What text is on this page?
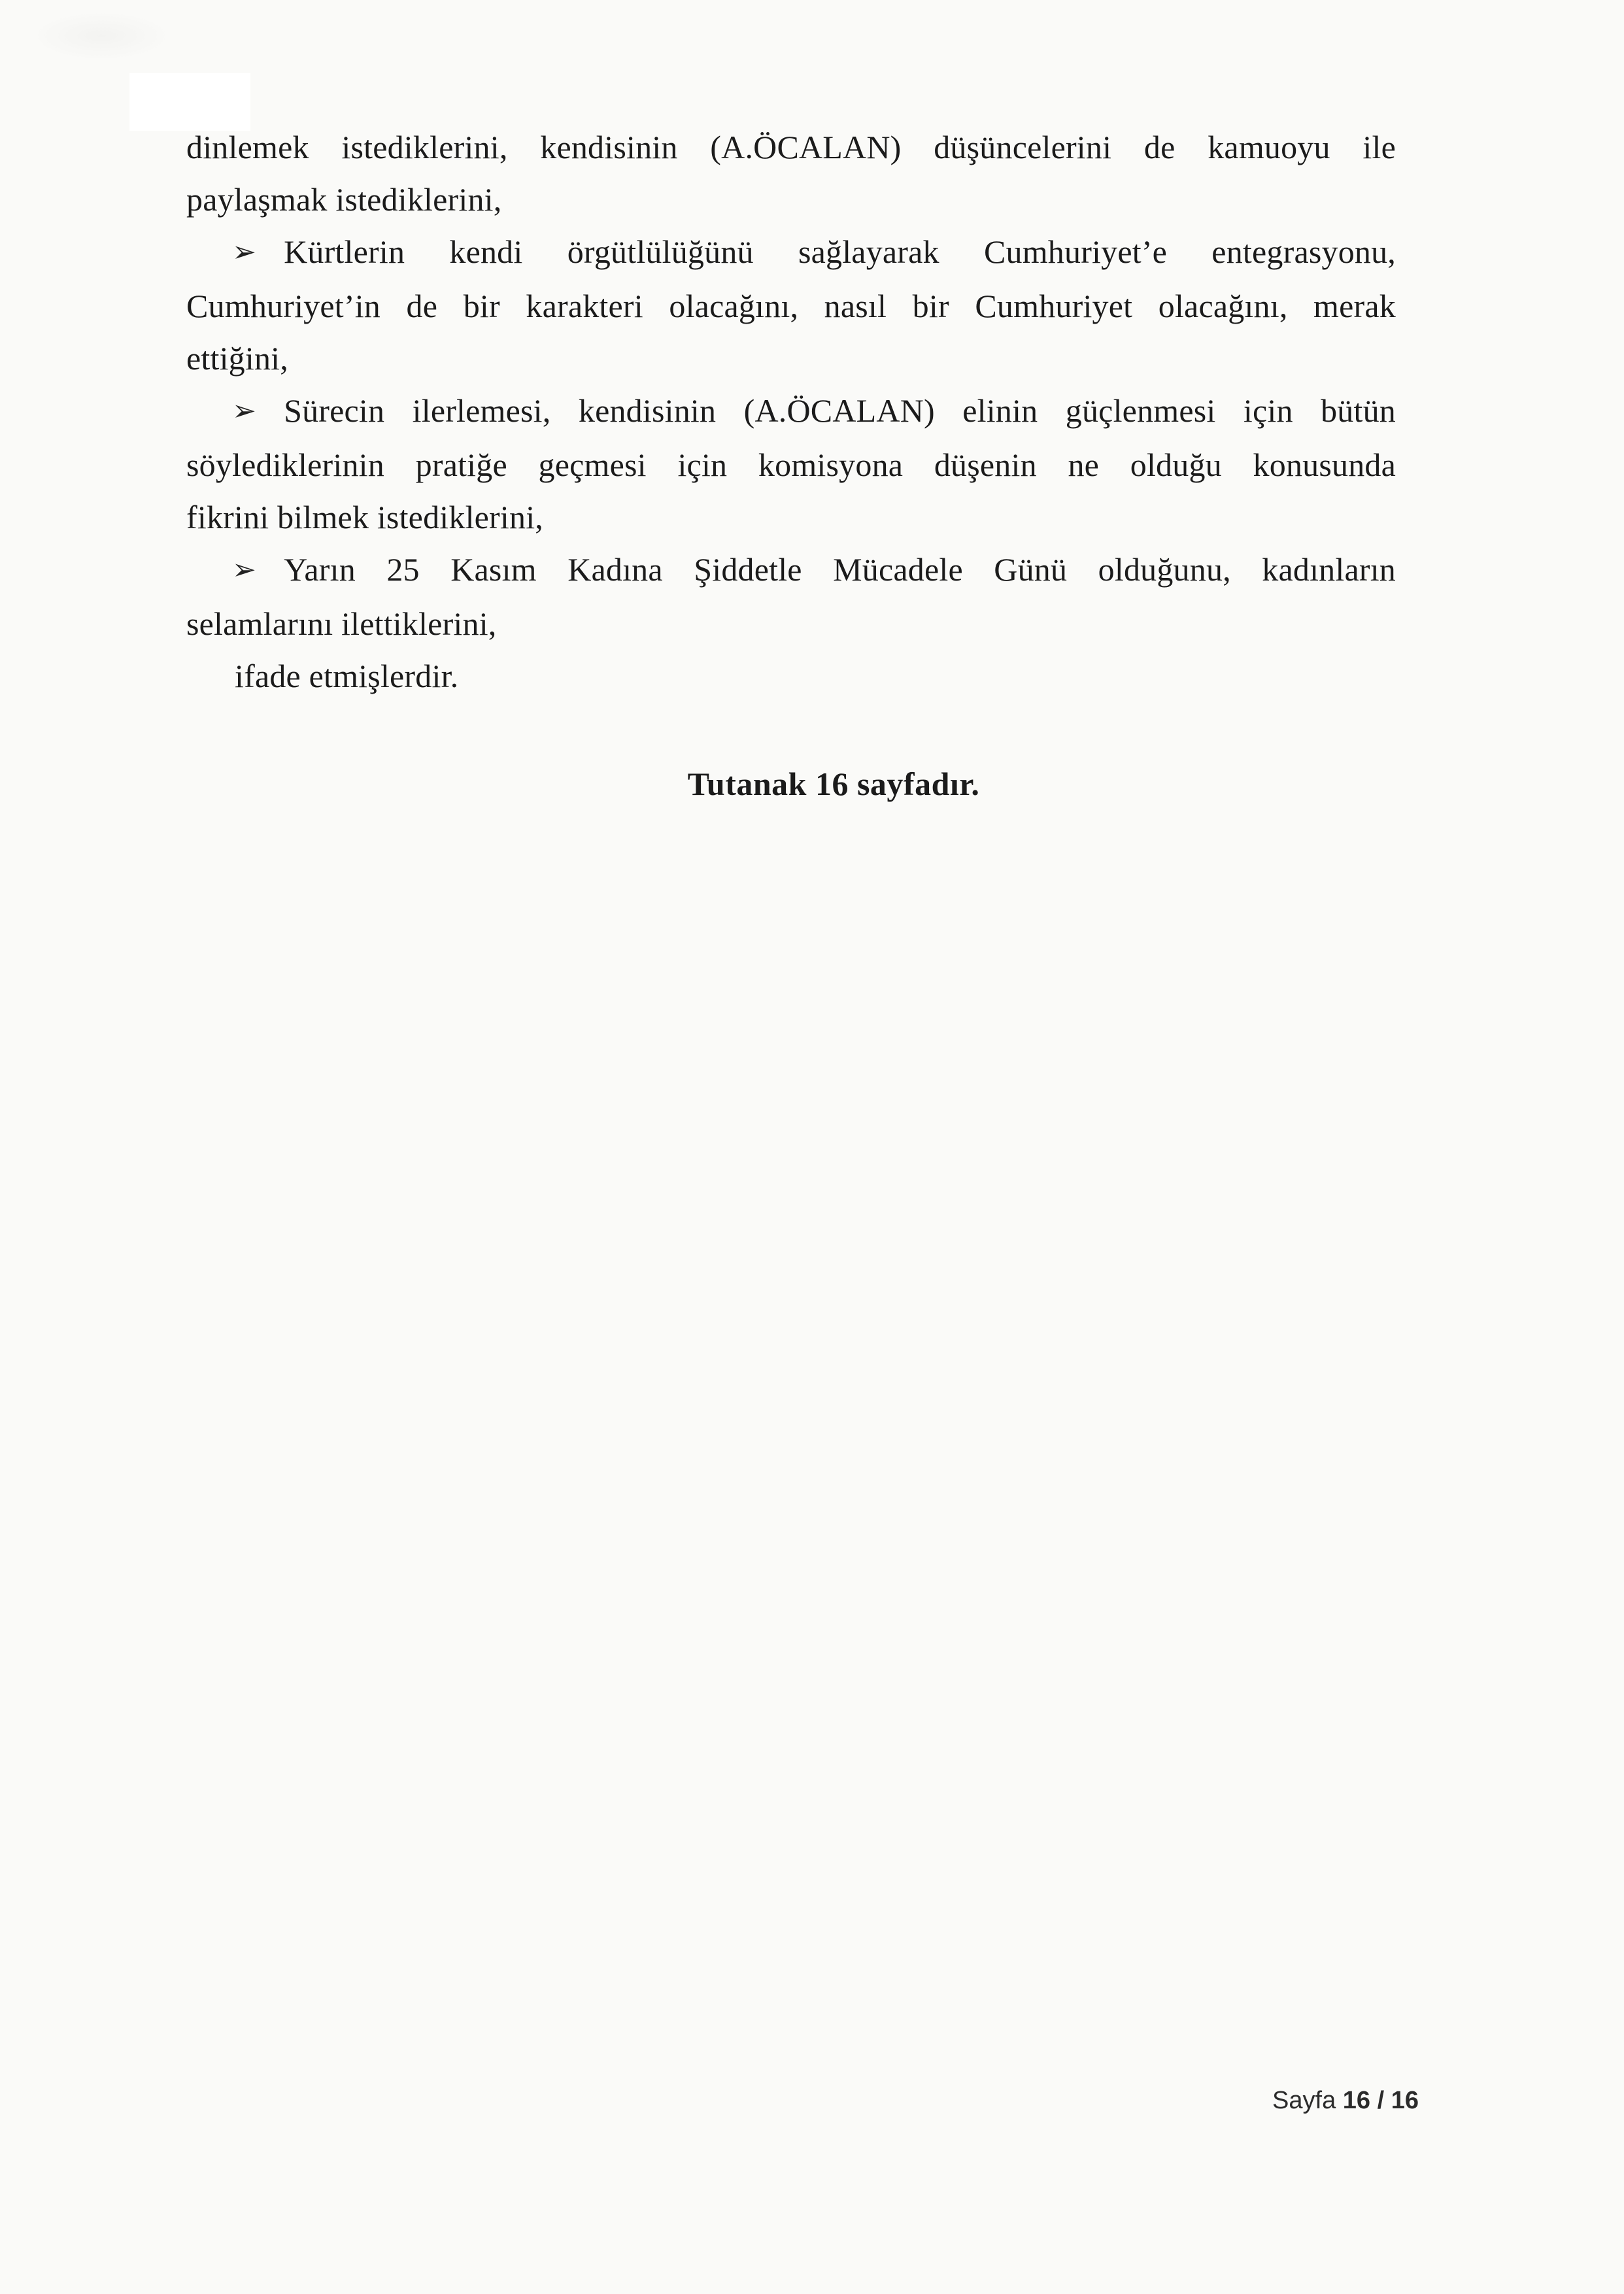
dinlemek istediklerini, kendisinin (A.ÖCALAN) düşüncelerini de kamuoyu ile
paylaşmak istediklerini,
➢ Kürtlerin kendi örgütlülüğünü sağlayarak Cumhuriyet’e entegrasyonu,
Cumhuriyet’in de bir karakteri olacağını, nasıl bir Cumhuriyet olacağını, merak
ettiğini,
➢ Sürecin ilerlemesi, kendisinin (A.ÖCALAN) elinin güçlenmesi için bütün
söylediklerinin pratiğe geçmesi için komisyona düşenin ne olduğu konusunda
fikrini bilmek istediklerini,
➢ Yarın 25 Kasım Kadına Şiddetle Mücadele Günü olduğunu, kadınların
selamlarını ilettiklerini,
ifade etmişlerdir.
Tutanak 16 sayfadır.
Sayfa 16 / 16
